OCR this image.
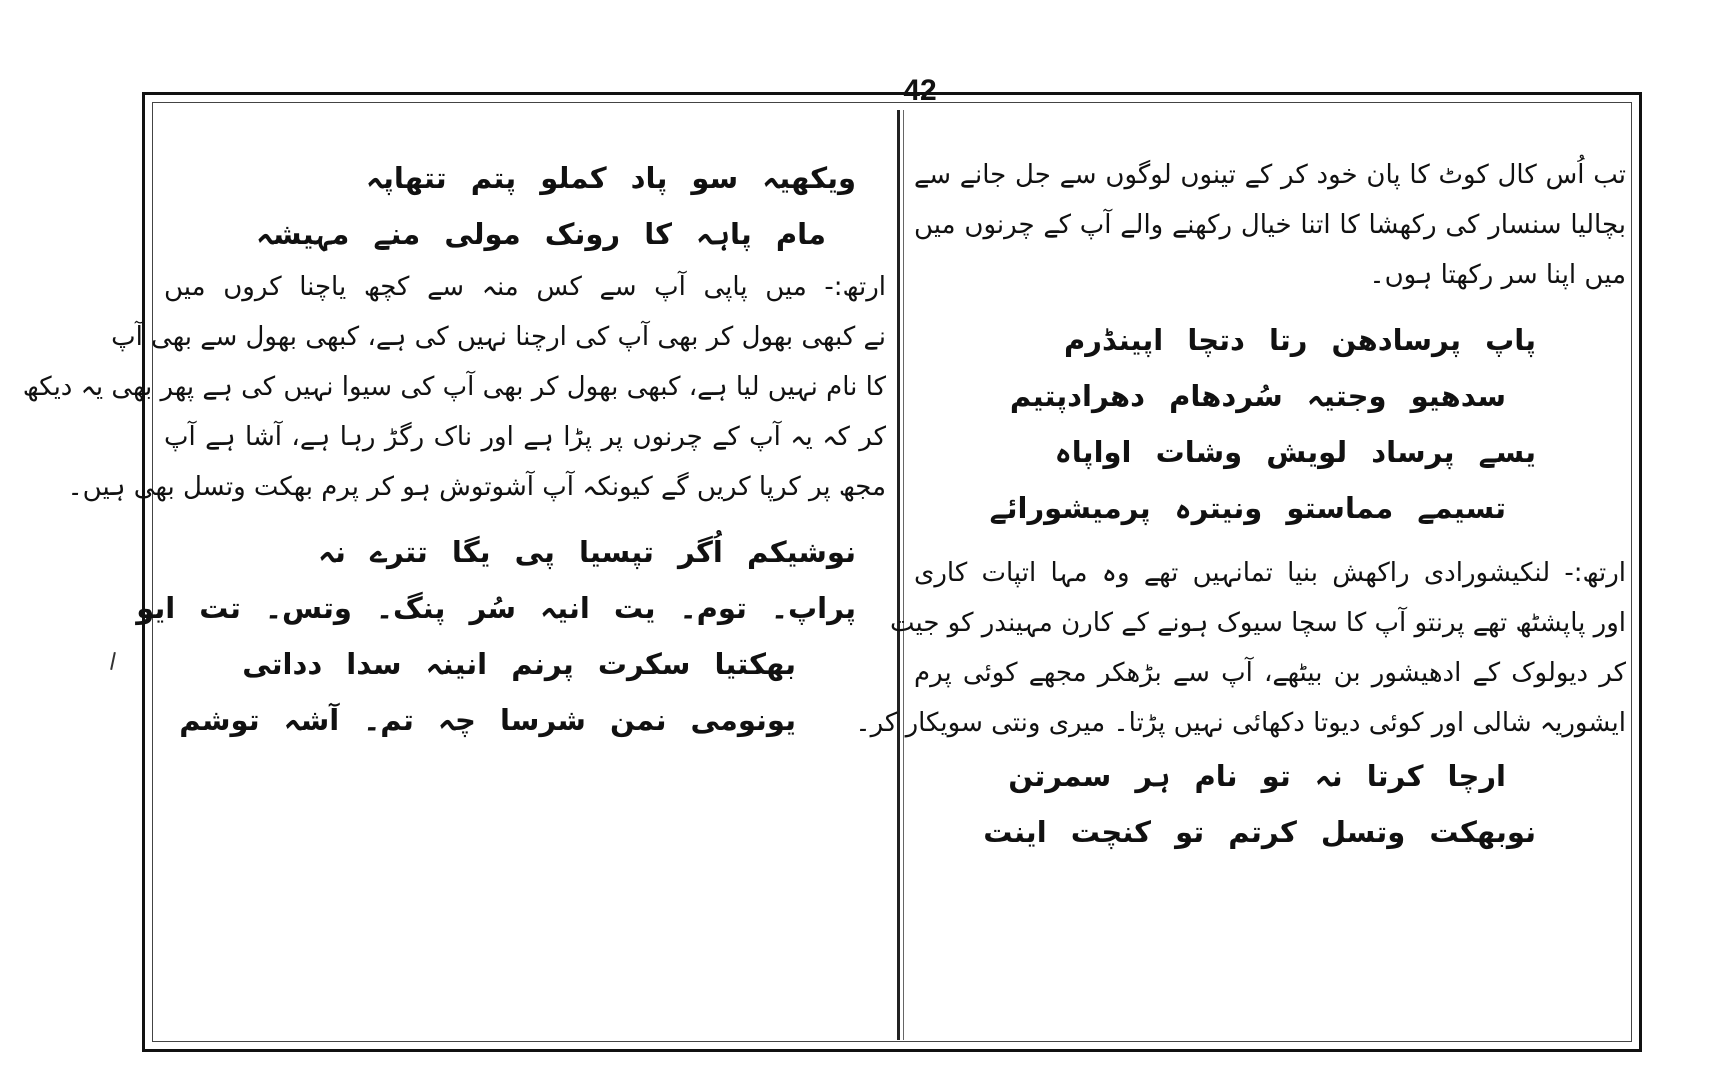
42
تب اُس کال کوٹ کا پان خود کر کے تینوں لوگوں سے جل جانے سے
بچالیا سنسار کی رکھشا کا اتنا خیال رکھنے والے آپ کے چرنوں میں
میں اپنا سر رکھتا ہوں۔
پاپ پرسادھن رتا دتچا اپینڈرم
سدھیو وجتیہ سُردھام دھرادپتیم
یسے پرساد لویش وشات اواپاہ
تسیمے مماستو ونیترہ پرمیشورائے
ارتھ:- لنکیشورادی راکھش بنیا تمانہیں تھے وہ مہا اتپات کاری
اور پاپشٹھ تھے پرنتو آپ کا سچا سیوک ہونے کے کارن مہیندر کو جیت
کر دیولوک کے ادھیشور بن بیٹھے، آپ سے بڑھکر مجھے کوئی پرم
ایشوریہ شالی اور کوئی دیوتا دکھائی نہیں پڑتا۔ میری ونتی سویکار کر۔
ارچا کرتا نہ تو نام ہر سمرتن
نوبھکت وتسل کرتم تو کنچت اینت
ویکھیہ سو پاد کملو پتم تتھاپہ
مام پاہہ کا رونک مولی منے مہیشہ
ارتھ:- میں پاپی آپ سے کس منہ سے کچھ یاچنا کروں میں
نے کبھی بھول کر بھی آپ کی ارچنا نہیں کی ہے، کبھی بھول سے بھی آپ
کا نام نہیں لیا ہے، کبھی بھول کر بھی آپ کی سیوا نہیں کی ہے پھر بھی یہ دیکھ
کر کہ یہ آپ کے چرنوں پر پڑا ہے اور ناک رگڑ رہا ہے، آشا ہے آپ
مجھ پر کرپا کریں گے کیونکہ آپ آشوتوش ہو کر پرم بھکت وتسل بھی ہیں۔
نوشیکم اُگر تپسیا پی یگا تترے نہ
پراپ۔ توم۔ یت انیہ سُر پنگ۔ وتس۔ تت ایو
بھکتیا سکرت پرنم انینہ سدا دداتی
یونومی نمن شرسا چہ تم۔ آشہ توشم
